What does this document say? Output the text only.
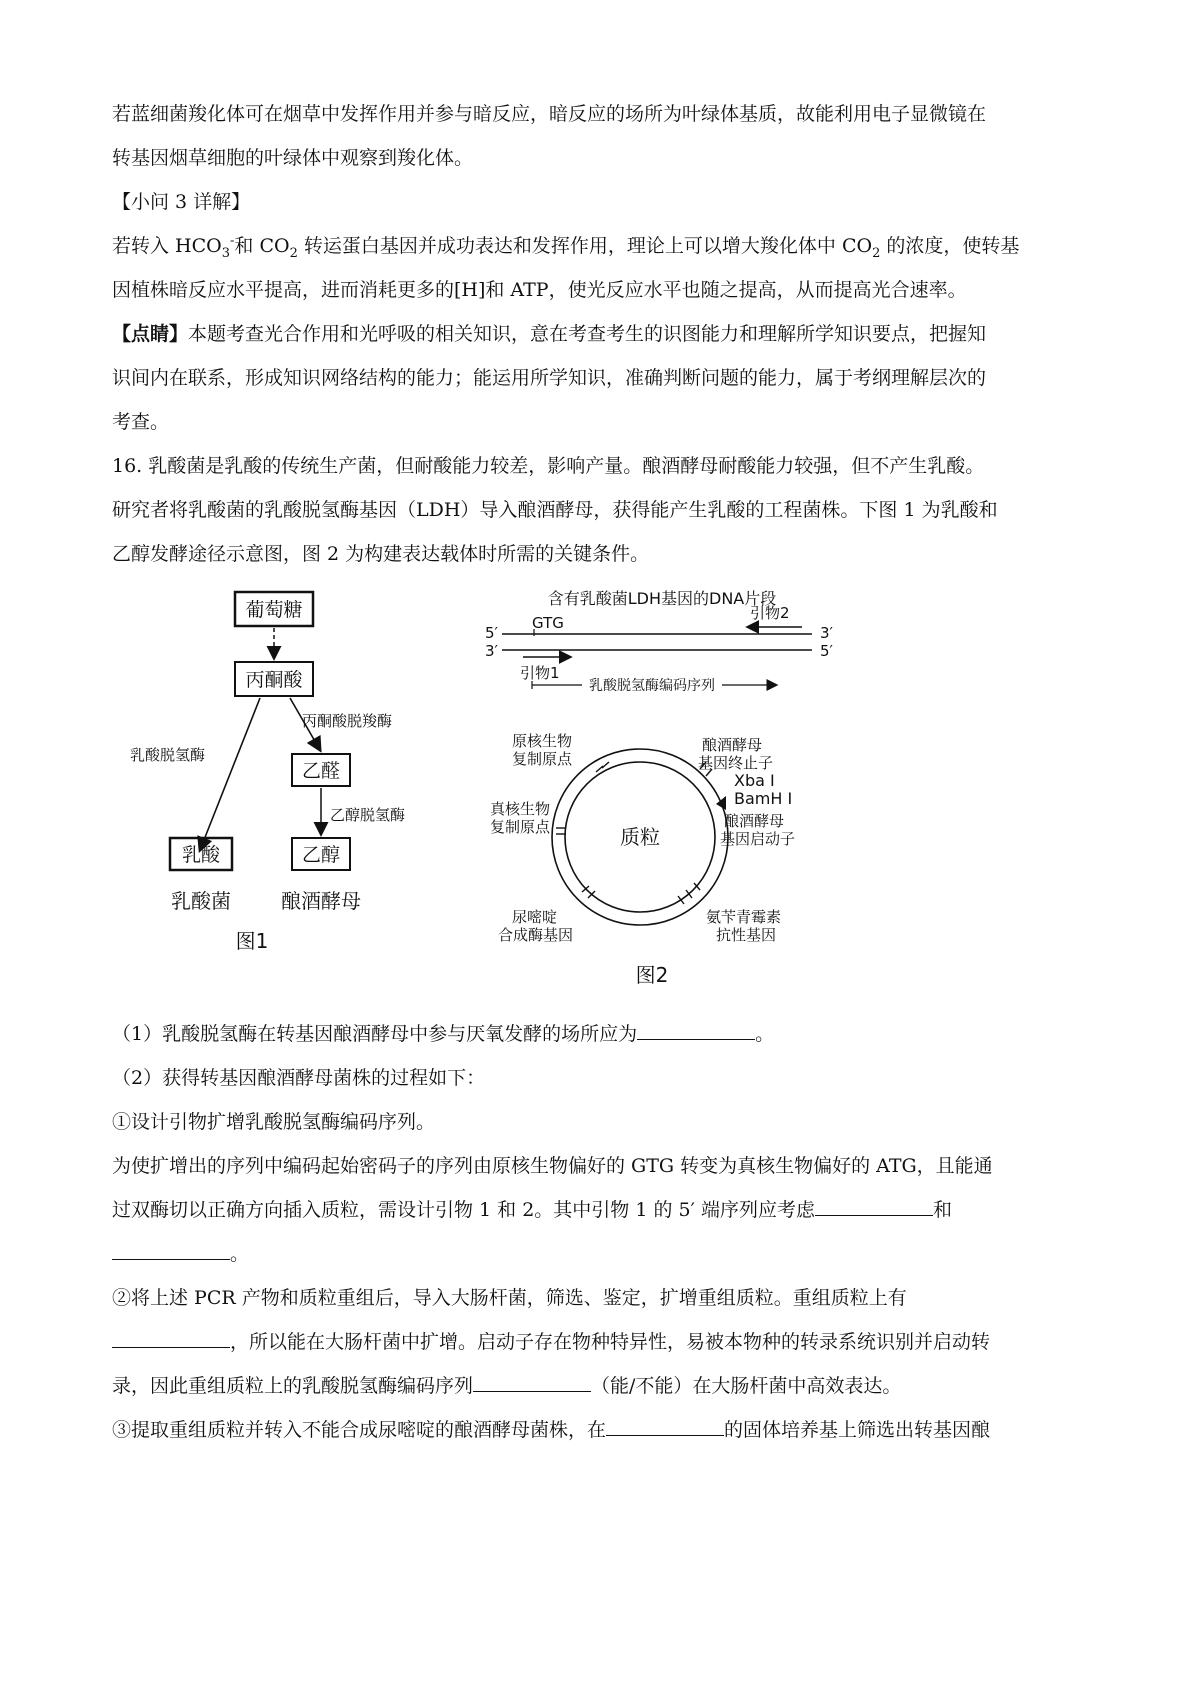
若蓝细菌羧化体可在烟草中发挥作用并参与暗反应，暗反应的场所为叶绿体基质，故能利用电子显微镜在

转基因烟草细胞的叶绿体中观察到羧化体。

【小问 3 详解】

若转入 $HCO_3^-$和 $CO_2$ 转运蛋白基因并成功表达和发挥作用，理论上可以增大羧化体中 $CO_2$ 的浓度，使转基

因植株暗反应水平提高，进而消耗更多的[H]和 ATP，使光反应水平也随之提高，从而提高光合速率。

【点睛】本题考查光合作用和光呼吸的相关知识，意在考查考生的识图能力和理解所学知识要点，把握知

识间内在联系，形成知识网络结构的能力；能运用所学知识，准确判断问题的能力，属于考纲理解层次的

考查。

16. 乳酸菌是乳酸的传统生产菌，但耐酸能力较差，影响产量。酿酒酵母耐酸能力较强，但不产生乳酸。

研究者将乳酸菌的乳酸脱氢酶基因（LDH）导入酿酒酵母，获得能产生乳酸的工程菌株。下图 1 为乳酸和

乙醇发酵途径示意图，图 2 为构建表达载体时所需的关键条件。

葡萄糖
丙酮酸
丙酮酸脱羧酶
乳酸脱氢酶
乙醛
乙醇脱氢酶
乳酸	乙醇
乳酸菌	酿酒酵母
图1
含有乳酸菌LDH基因的DNA片段
5′
3′
3′
5′
GTG
引物2
引物1
乳酸脱氢酶编码序列
质粒
原核生物
复制原点
真核生物
复制原点
尿嘧啶
合成酶基因
酿酒酵母
基因终止子
Xba I
BamH I
酿酒酵母
基因启动子
氨苄青霉素
抗性基因
图2

（1）乳酸脱氢酶在转基因酿酒酵母中参与厌氧发酵的场所应为	。

（2）获得转基因酿酒酵母菌株的过程如下：

①设计引物扩增乳酸脱氢酶编码序列。

为使扩增出的序列中编码起始密码子的序列由原核生物偏好的 GTG 转变为真核生物偏好的 ATG，且能通

过双酶切以正确方向插入质粒，需设计引物 1 和 2。其中引物 1 的 5′ 端序列应考虑	和

。

②将上述 PCR 产物和质粒重组后，导入大肠杆菌，筛选、鉴定，扩增重组质粒。重组质粒上有

，所以能在大肠杆菌中扩增。启动子存在物种特异性，易被本物种的转录系统识别并启动转

录，因此重组质粒上的乳酸脱氢酶编码序列	（能/不能）在大肠杆菌中高效表达。

③提取重组质粒并转入不能合成尿嘧啶的酿酒酵母菌株，在	的固体培养基上筛选出转基因酿
